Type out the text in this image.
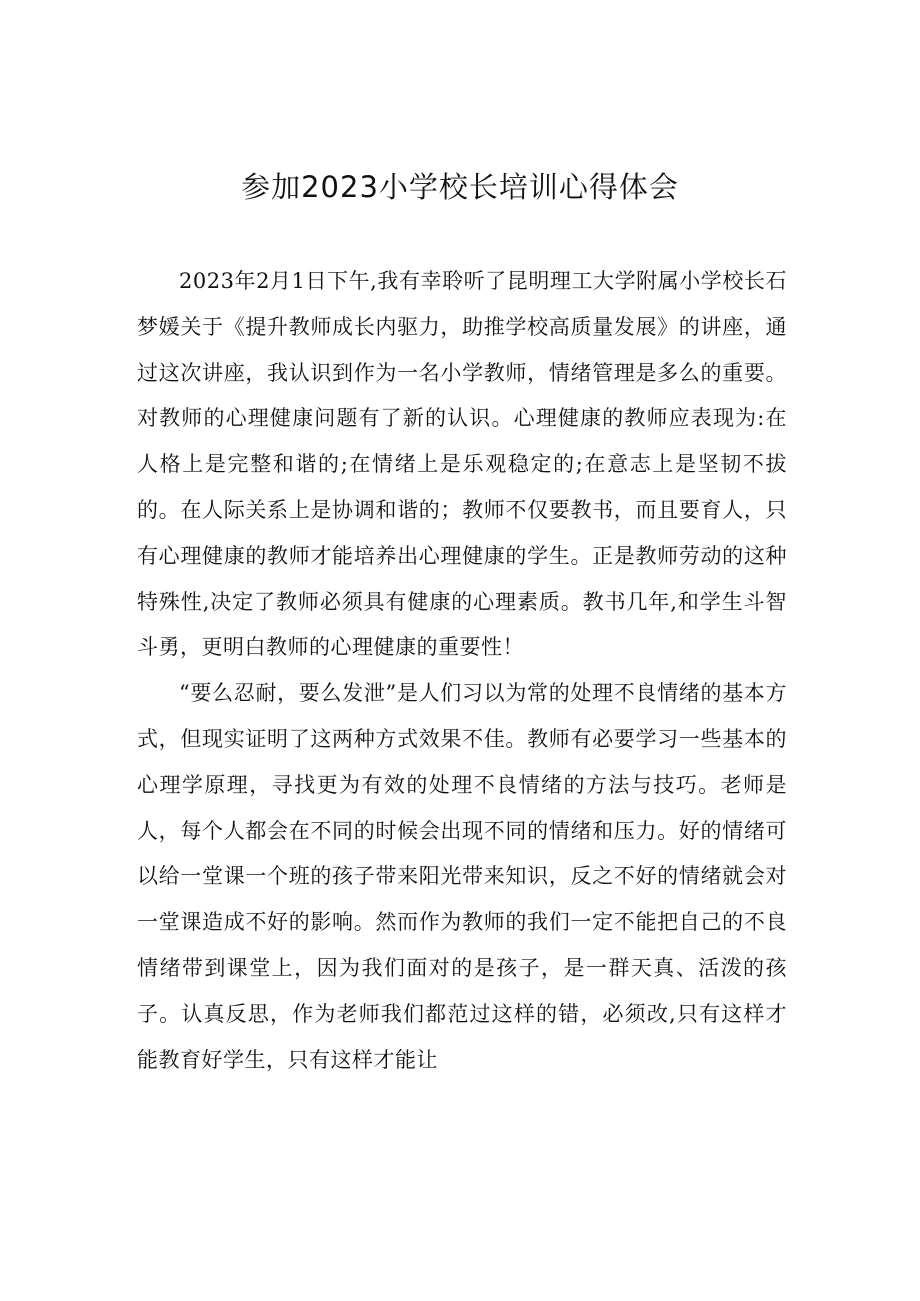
参加2023小学校长培训心得体会

2023年2月1日下午,我有幸聆听了昆明理工大学附属小学校长石梦媛关于《提升教师成长内驱力，助推学校高质量发展》的讲座，通过这次讲座，我认识到作为一名小学教师，情绪管理是多么的重要。对教师的心理健康问题有了新的认识。心理健康的教师应表现为:在人格上是完整和谐的;在情绪上是乐观稳定的;在意志上是坚韧不拔的。在人际关系上是协调和谐的；教师不仅要教书，而且要育人，只有心理健康的教师才能培养出心理健康的学生。正是教师劳动的这种特殊性,决定了教师必须具有健康的心理素质。教书几年,和学生斗智斗勇，更明白教师的心理健康的重要性！

“要么忍耐，要么发泄”是人们习以为常的处理不良情绪的基本方式，但现实证明了这两种方式效果不佳。教师有必要学习一些基本的心理学原理，寻找更为有效的处理不良情绪的方法与技巧。老师是人，每个人都会在不同的时候会出现不同的情绪和压力。好的情绪可以给一堂课一个班的孩子带来阳光带来知识，反之不好的情绪就会对一堂课造成不好的影响。然而作为教师的我们一定不能把自己的不良情绪带到课堂上，因为我们面对的是孩子，是一群天真、活泼的孩子。认真反思，作为老师我们都范过这样的错，必须改,只有这样才能教育好学生，只有这样才能让
